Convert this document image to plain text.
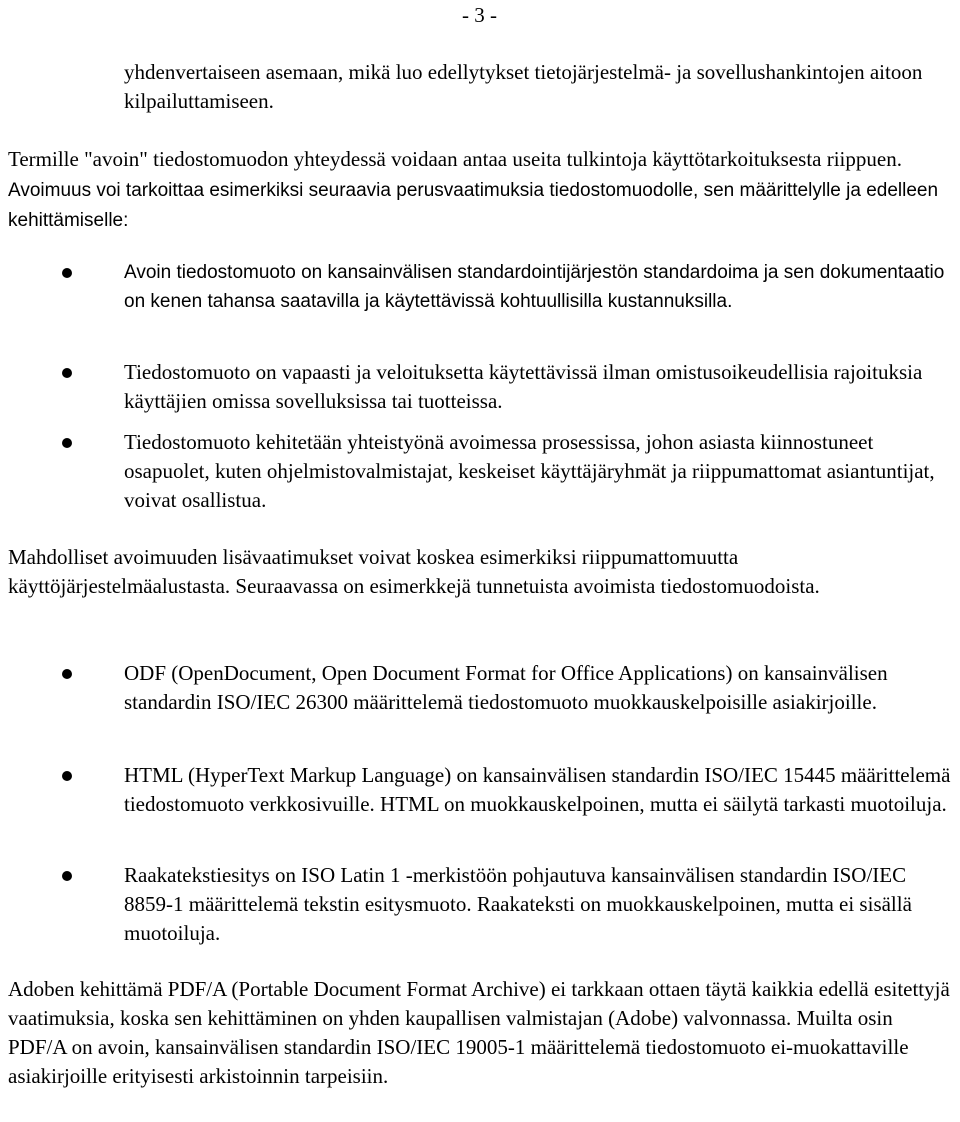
- 3 -

yhdenvertaiseen asemaan, mikä luo edellytykset tietojärjestelmä- ja sovellushankintojen aitoon kilpailuttamiseen.

Termille "avoin" tiedostomuodon yhteydessä voidaan antaa useita tulkintoja käyttötarkoituksesta riippuen. Avoimuus voi tarkoittaa esimerkiksi seuraavia perusvaatimuksia tiedostomuodolle, sen määrittelylle ja edelleen kehittämiselle:

Avoin tiedostomuoto on kansainvälisen standardointijärjestön standardoima ja sen dokumentaatio on kenen tahansa saatavilla ja käytettävissä kohtuullisilla kustannuksilla.

Tiedostomuoto on vapaasti ja veloituksetta käytettävissä ilman omistusoikeudellisia rajoituksia käyttäjien omissa sovelluksissa tai tuotteissa.

Tiedostomuoto kehitetään yhteistyönä avoimessa prosessissa, johon asiasta kiinnostuneet osapuolet, kuten ohjelmistovalmistajat, keskeiset käyttäjäryhmät ja riippumattomat asiantuntijat, voivat osallistua.

Mahdolliset avoimuuden lisävaatimukset voivat koskea esimerkiksi riippumattomuutta käyttöjärjestelmäalustasta. Seuraavassa on esimerkkejä tunnetuista avoimista tiedostomuodoista.

ODF (OpenDocument, Open Document Format for Office Applications) on kansainvälisen standardin ISO/IEC 26300 määrittelemä tiedostomuoto muokkauskelpoisille asiakirjoille.

HTML (HyperText Markup Language) on kansainvälisen standardin ISO/IEC 15445 määrittelemä tiedostomuoto verkkosivuille. HTML on muokkauskelpoinen, mutta ei säilytä tarkasti muotoiluja.

Raakatekstiesitys on ISO Latin 1 -merkistöön pohjautuva kansainvälisen standardin ISO/IEC 8859-1 määrittelemä tekstin esitysmuoto. Raakateksti on muokkauskelpoinen, mutta ei sisällä muotoiluja.

Adoben kehittämä PDF/A (Portable Document Format Archive) ei tarkkaan ottaen täytä kaikkia edellä esitettyjä vaatimuksia, koska sen kehittäminen on yhden kaupallisen valmistajan (Adobe) valvonnassa. Muilta osin PDF/A on avoin, kansainvälisen standardin ISO/IEC 19005-1 määrittelemä tiedostomuoto ei-muokattaville asiakirjoille erityisesti arkistoinnin tarpeisiin.
